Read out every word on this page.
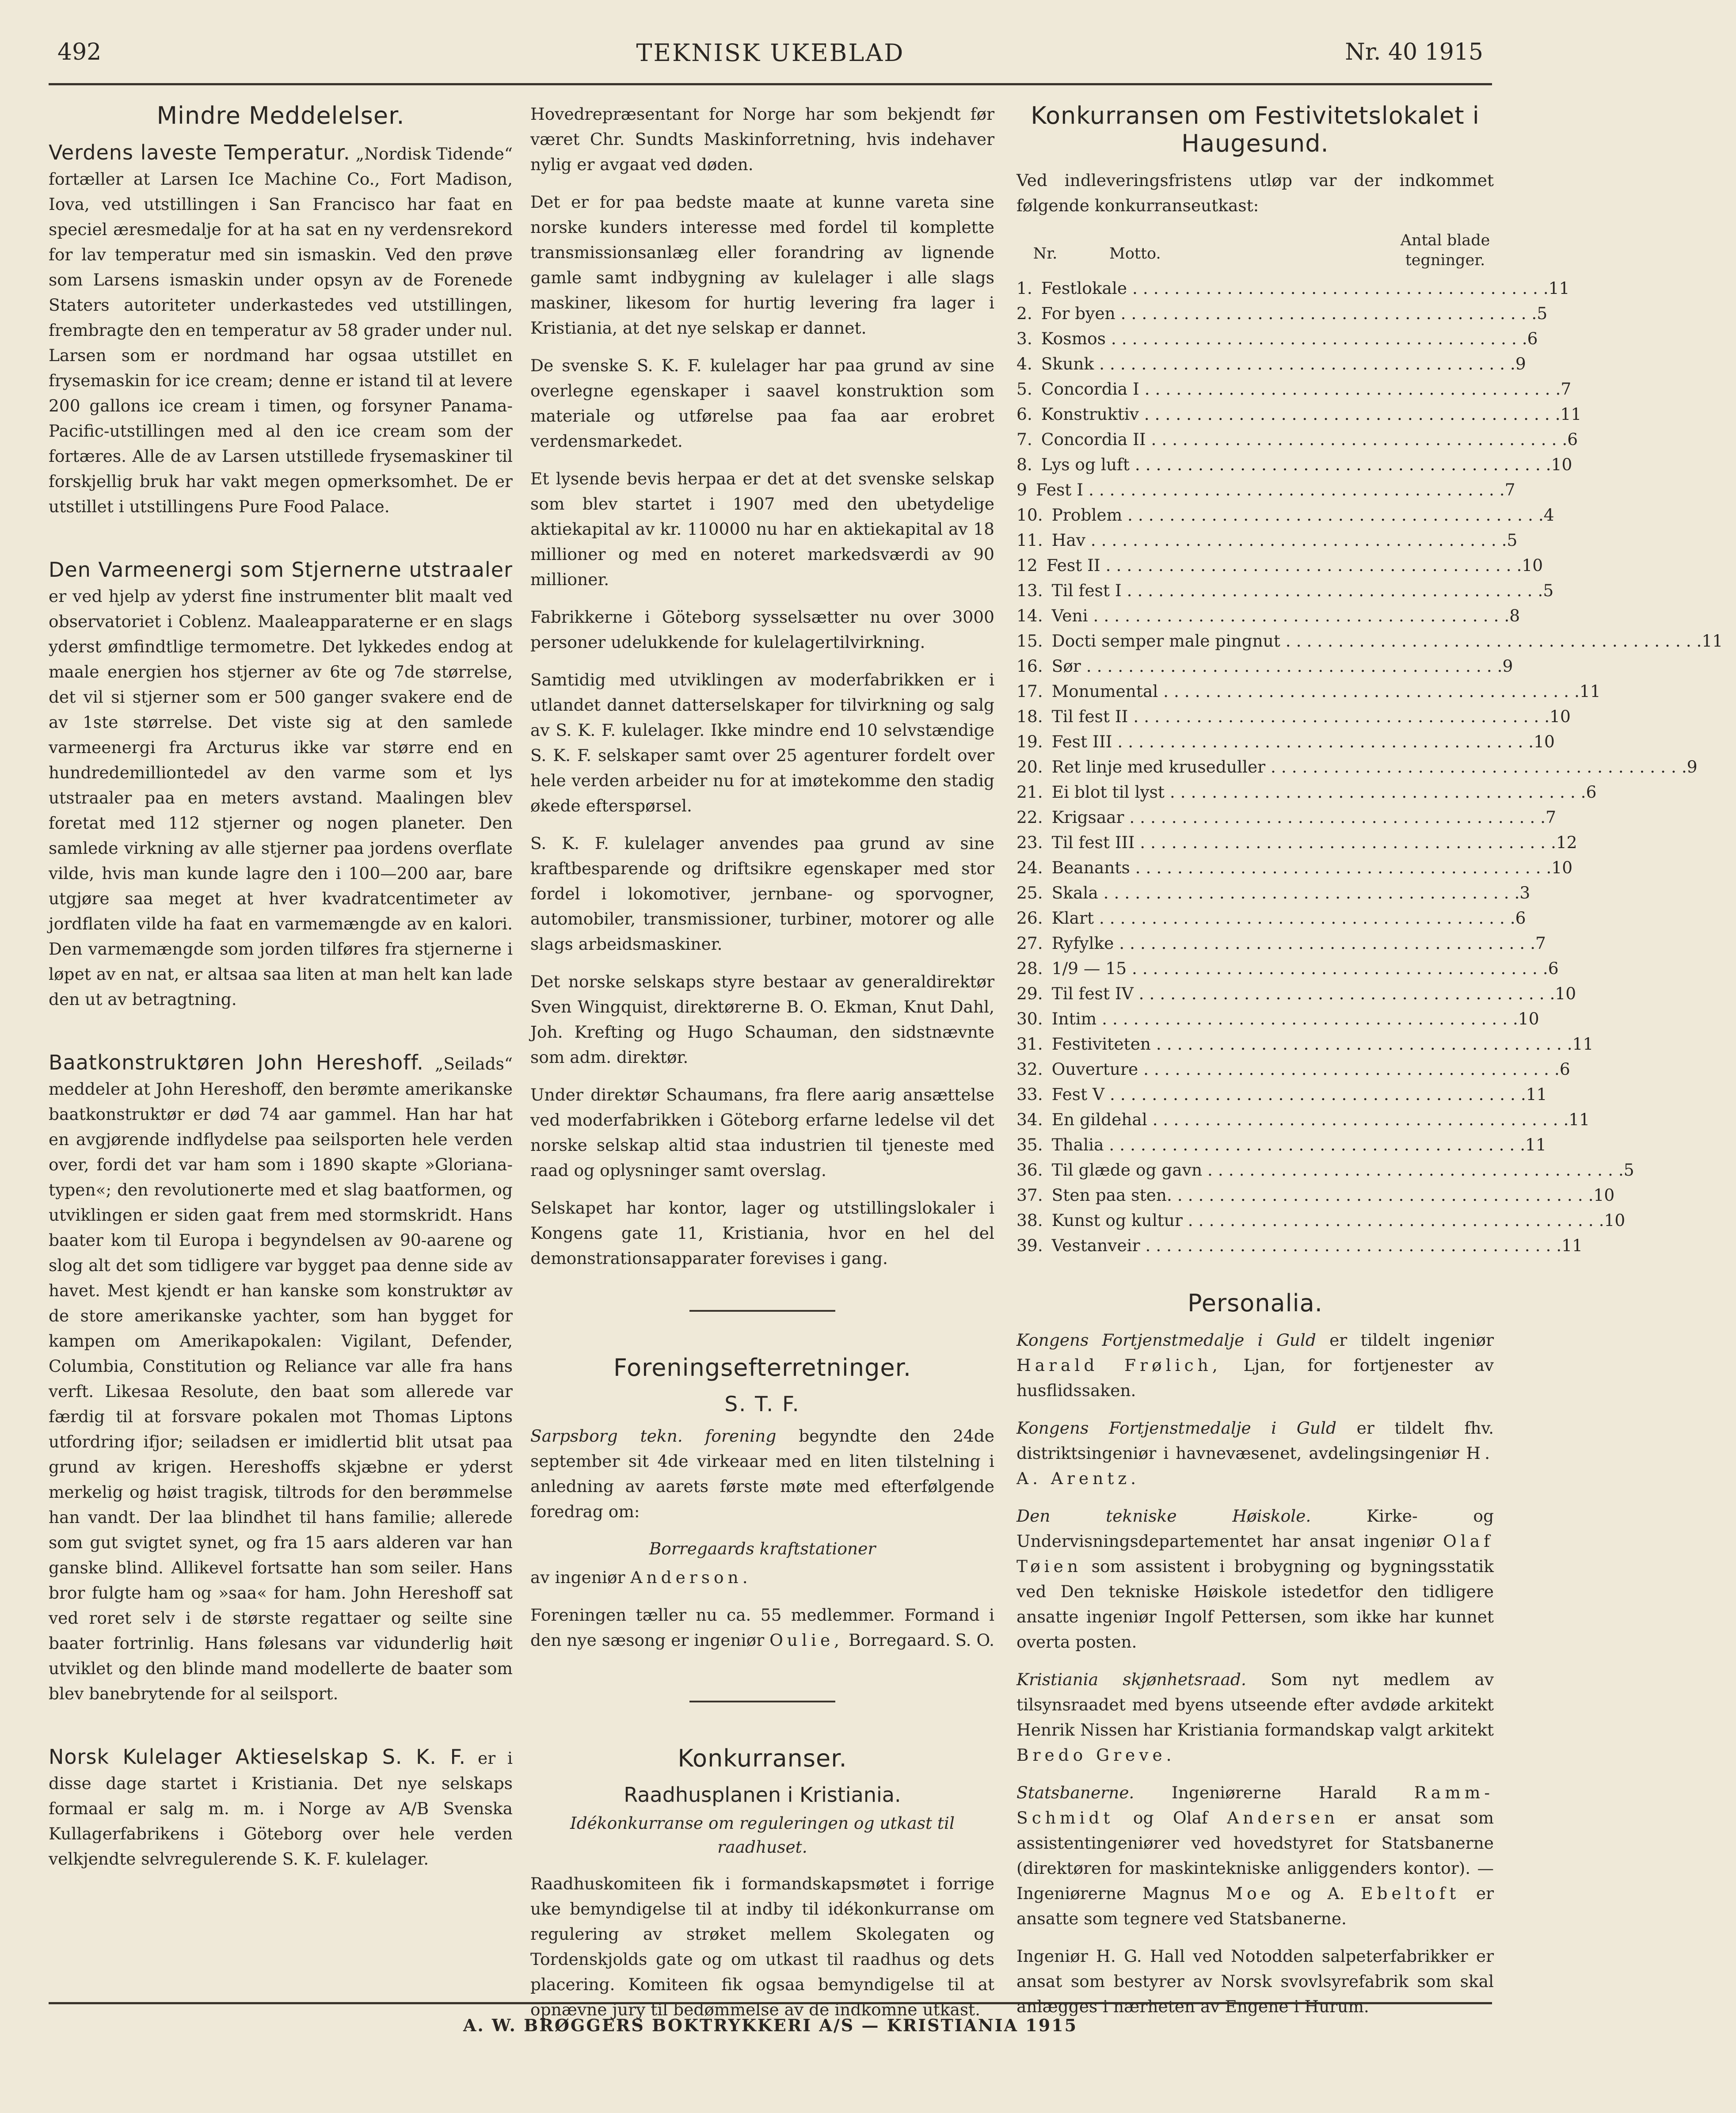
492	TEKNISK UKEBLAD	Nr. 40 1915
Mindre Meddelelser.

Verdens laveste Temperatur. „Nordisk Tidende“ fortæller at Larsen Ice Machine Co., Fort Madison, Iova, ved utstillingen i San Francisco har faat en speciel æresmedalje for at ha sat en ny verdensrekord for lav temperatur med sin ismaskin. Ved den prøve som Larsens ismaskin under opsyn av de Forenede Staters autoriteter underkastedes ved utstillingen, frembragte den en temperatur av 58 grader under nul. Larsen som er nordmand har ogsaa utstillet en frysemaskin for ice cream; denne er istand til at levere 200 gallons ice cream i timen, og forsyner Panama-Pacific-utstillingen med al den ice cream som der fortæres. Alle de av Larsen utstillede frysemaskiner til forskjellig bruk har vakt megen opmerksomhet. De er utstillet i utstillingens Pure Food Palace.

Den Varmeenergi som Stjernerne utstraaler er ved hjelp av yderst fine instrumenter blit maalt ved observatoriet i Coblenz. Maaleapparaterne er en slags yderst ømfindtlige termometre. Det lykkedes endog at maale energien hos stjerner av 6te og 7de størrelse, det vil si stjerner som er 500 ganger svakere end de av 1ste størrelse. Det viste sig at den samlede varmeenergi fra Arcturus ikke var større end en hundredemilliontedel av den varme som et lys utstraaler paa en meters avstand. Maalingen blev foretat med 112 stjerner og nogen planeter. Den samlede virkning av alle stjerner paa jordens overflate vilde, hvis man kunde lagre den i 100—200 aar, bare utgjøre saa meget at hver kvadratcentimeter av jordflaten vilde ha faat en varmemængde av en kalori. Den varmemængde som jorden tilføres fra stjernerne i løpet av en nat, er altsaa saa liten at man helt kan lade den ut av betragtning.

Baatkonstruktøren John Hereshoff. „Seilads“ meddeler at John Hereshoff, den berømte amerikanske baatkonstruktør er død 74 aar gammel. Han har hat en avgjørende indflydelse paa seilsporten hele verden over, fordi det var ham som i 1890 skapte »Gloriana-typen«; den revolutionerte med et slag baatformen, og utviklingen er siden gaat frem med stormskridt. Hans baater kom til Europa i begyndelsen av 90-aarene og slog alt det som tidligere var bygget paa denne side av havet. Mest kjendt er han kanske som konstruktør av de store amerikanske yachter, som han bygget for kampen om Amerikapokalen: Vigilant, Defender, Columbia, Constitution og Reliance var alle fra hans verft. Likesaa Resolute, den baat som allerede var færdig til at forsvare pokalen mot Thomas Liptons utfordring ifjor; seiladsen er imidlertid blit utsat paa grund av krigen. Hereshoffs skjæbne er yderst merkelig og høist tragisk, tiltrods for den berømmelse han vandt. Der laa blindhet til hans familie; allerede som gut svigtet synet, og fra 15 aars alderen var han ganske blind. Allikevel fortsatte han som seiler. Hans bror fulgte ham og »saa« for ham. John Hereshoff sat ved roret selv i de største regattaer og seilte sine baater fortrinlig. Hans følesans var vidunderlig høit utviklet og den blinde mand modellerte de baater som blev banebrytende for al seilsport.

Norsk Kulelager Aktieselskap S. K. F. er i disse dage startet i Kristiania. Det nye selskaps formaal er salg m. m. i Norge av A/B Svenska Kullagerfabrikens i Göteborg over hele verden velkjendte selvregulerende S. K. F. kulelager.

Hovedrepræsentant for Norge har som bekjendt før været Chr. Sundts Maskinforretning, hvis indehaver nylig er avgaat ved døden.

Det er for paa bedste maate at kunne vareta sine norske kunders interesse med fordel til komplette transmissionsanlæg eller forandring av lignende gamle samt indbygning av kulelager i alle slags maskiner, likesom for hurtig levering fra lager i Kristiania, at det nye selskap er dannet.

De svenske S. K. F. kulelager har paa grund av sine overlegne egenskaper i saavel konstruktion som materiale og utførelse paa faa aar erobret verdensmarkedet.

Et lysende bevis herpaa er det at det svenske selskap som blev startet i 1907 med den ubetydelige aktiekapital av kr. 110000 nu har en aktiekapital av 18 millioner og med en noteret markedsværdi av 90 millioner.

Fabrikkerne i Göteborg sysselsætter nu over 3000 personer udelukkende for kulelagertilvirkning.

Samtidig med utviklingen av moderfabrikken er i utlandet dannet datterselskaper for tilvirkning og salg av S. K. F. kulelager. Ikke mindre end 10 selvstændige S. K. F. selskaper samt over 25 agenturer fordelt over hele verden arbeider nu for at imøtekomme den stadig økede efterspørsel.

S. K. F. kulelager anvendes paa grund av sine kraftbesparende og driftsikre egenskaper med stor fordel i lokomotiver, jernbane- og sporvogner, automobiler, transmissioner, turbiner, motorer og alle slags arbeidsmaskiner.

Det norske selskaps styre bestaar av generaldirektør Sven Wingquist, direktørerne B. O. Ekman, Knut Dahl, Joh. Krefting og Hugo Schauman, den sidstnævnte som adm. direktør.

Under direktør Schaumans, fra flere aarig ansættelse ved moderfabrikken i Göteborg erfarne ledelse vil det norske selskap altid staa industrien til tjeneste med raad og oplysninger samt overslag.

Selskapet har kontor, lager og utstillingslokaler i Kongens gate 11, Kristiania, hvor en hel del demonstrationsapparater forevises i gang.

Foreningsefterretninger.
S. T. F.

Sarpsborg tekn. forening begyndte den 24de september sit 4de virkeaar med en liten tilstelning i anledning av aarets første møte med efterfølgende foredrag om:

Borregaards kraftstationer

av ingeniør Anderson.

Foreningen tæller nu ca. 55 medlemmer. Formand i den nye sæsong er ingeniør Oulie, Borregaard. S. O.

Konkurranser.
Raadhusplanen i Kristiania.

Idékonkurranse om reguleringen og utkast til raadhuset.

Raadhuskomiteen fik i formandskapsmøtet i forrige uke bemyndigelse til at indby til idékonkurranse om regulering av strøket mellem Skolegaten og Tordenskjolds gate og om utkast til raadhus og dets placering. Komiteen fik ogsaa bemyndigelse til at opnævne jury til bedømmelse av de indkomne utkast.

Konkurransen om Festivitetslokalet i Haugesund.

Ved indleveringsfristens utløp var der indkommet følgende konkurranseutkast:

Nr.	Motto.
Antal blade tegninger.
1. Festlokale . . .	11
2. For byen . . .	5
3. Kosmos . . .	6
4. Skunk . . .	9
5. Concordia I . . .	7
6. Konstruktiv . . .	11
7. Concordia II . . .	6
8. Lys og luft . . .	10
9 Fest I . . .	7
10. Problem . . .	4
11. Hav . . .	5
12 Fest II . . .	10
13. Til fest I . . .	5
14. Veni . . .	8
15. Docti semper male pingnut . . .	11
16. Sør . . .	9
17. Monumental . . .	11
18. Til fest II . . .	10
19. Fest III . . .	10
20. Ret linje med kruseduller . . .	9
21. Ei blot til lyst . . .	6
22. Krigsaar . . .	7
23. Til fest III . . .	12
24. Beanants . . .	10
25. Skala . . .	3
26. Klart . . .	6
27. Ryfylke . . .	7
28. 1/9 — 15 . . .	6
29. Til fest IV . . .	10
30. Intim . . .	10
31. Festiviteten . . .	11
32. Ouverture . . .	6
33. Fest V . . .	11
34. En gildehal . . .	11
35. Thalia . . .	11
36. Til glæde og gavn . . .	5
37. Sten paa sten. . . .	10
38. Kunst og kultur . . .	10
39. Vestanveir . . .	11
Personalia.

Kongens Fortjenstmedalje i Guld er tildelt ingeniør Harald Frølich, Ljan, for fortjenester av husflidssaken.

Kongens Fortjenstmedalje i Guld er tildelt fhv. distriktsingeniør i havnevæsenet, avdelingsingeniør H. A. Arentz.

Den tekniske Høiskole.	Kirke- og Undervisningsdepartementet har ansat ingeniør Olaf Tøien som assistent i brobygning og bygningsstatik ved Den tekniske Høiskole istedetfor den tidligere ansatte ingeniør Ingolf Pettersen, som ikke har kunnet overta posten.

Kristiania skjønhetsraad. Som nyt medlem av tilsynsraadet med byens utseende efter avdøde arkitekt Henrik Nissen har Kristiania formandskap valgt arkitekt Bredo Greve.

Statsbanerne. Ingeniørerne Harald Ramm-Schmidt og Olaf Andersen er ansat som assistentingeniører ved hovedstyret for Statsbanerne (direktøren for maskintekniske anliggenders kontor). — Ingeniørerne Magnus Moe og A. Ebeltoft er ansatte som tegnere ved Statsbanerne.

Ingeniør H. G. Hall ved Notodden salpeterfabrikker er ansat som bestyrer av Norsk svovlsyrefabrik som skal anlægges i nærheten av Engene i Hurum.

A. W. BRØGGERS BOKTRYKKERI A/S — KRISTIANIA 1915
